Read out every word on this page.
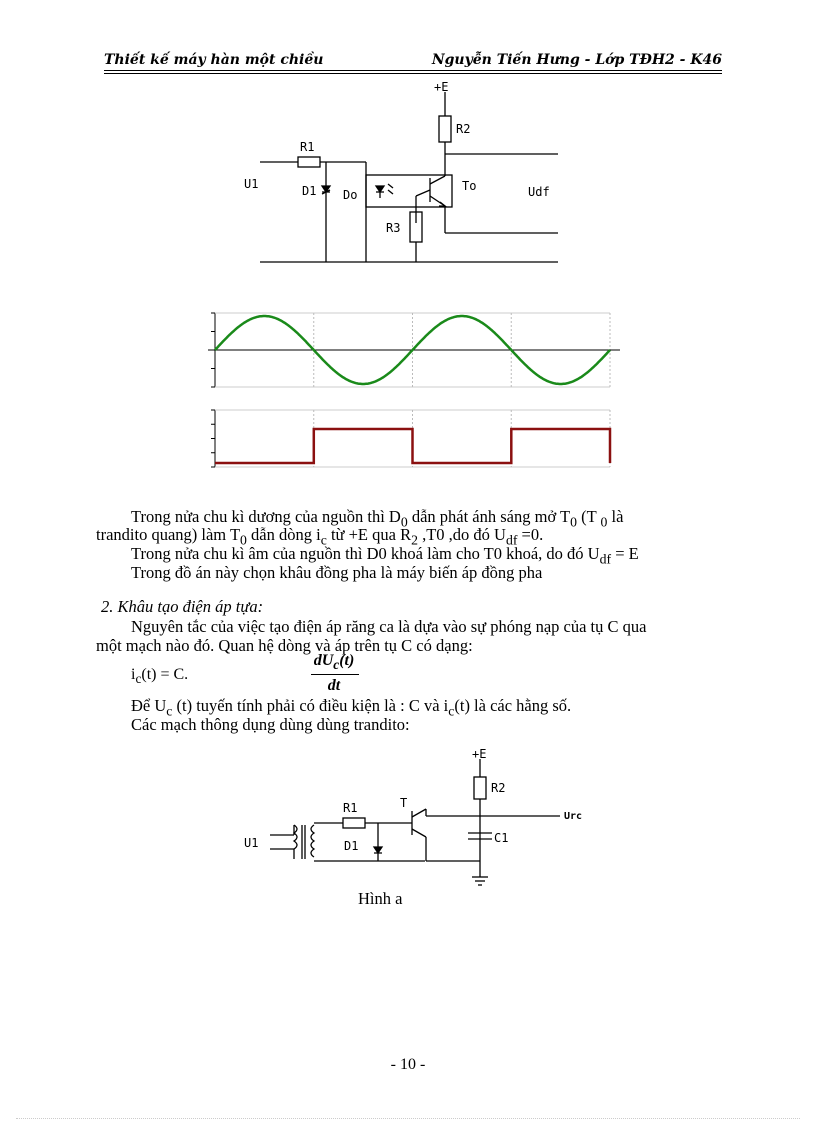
Thiết kế máy hàn một chiều	Nguyễn Tiến Hưng - Lớp TĐH2 - K46
+E
R2
R1
U1	D1 Do
To	Udf
R3
Trong nửa chu kì dương của nguồn thì $D_0$ dẫn phát ánh sáng mở $T_0$ (T $_0$ là
trandito quang) làm $T_0$ dẫn dòng $i_c$ từ +E qua $R_2$ ,T0 ,do đó $U_{df} =0$.
Trong nửa chu kì âm của nguồn thì D0 khoá làm cho T0 khoá, do đó $U_{df} = E$
Trong đồ án này chọn khâu đồng pha là máy biến áp đồng pha
2. Khâu tạo điện áp tựa:
Nguyên tắc của việc tạo điện áp răng ca là dựa vào sự phóng nạp của tụ C qua
một mạch nào đó. Quan hệ dòng và áp trên tụ C có dạng:
$i_c(t) = C$.
$dU_c(t)$
dt
Để $U_c$ (t) tuyến tính phải có điều kiện là : C và $i_c(t)$ là các hằng số.
Các mạch thông dụng dùng dùng trandito:
+E
R2
R1	T
U1	D1
C1
Urc
Hình a
- 10 -
